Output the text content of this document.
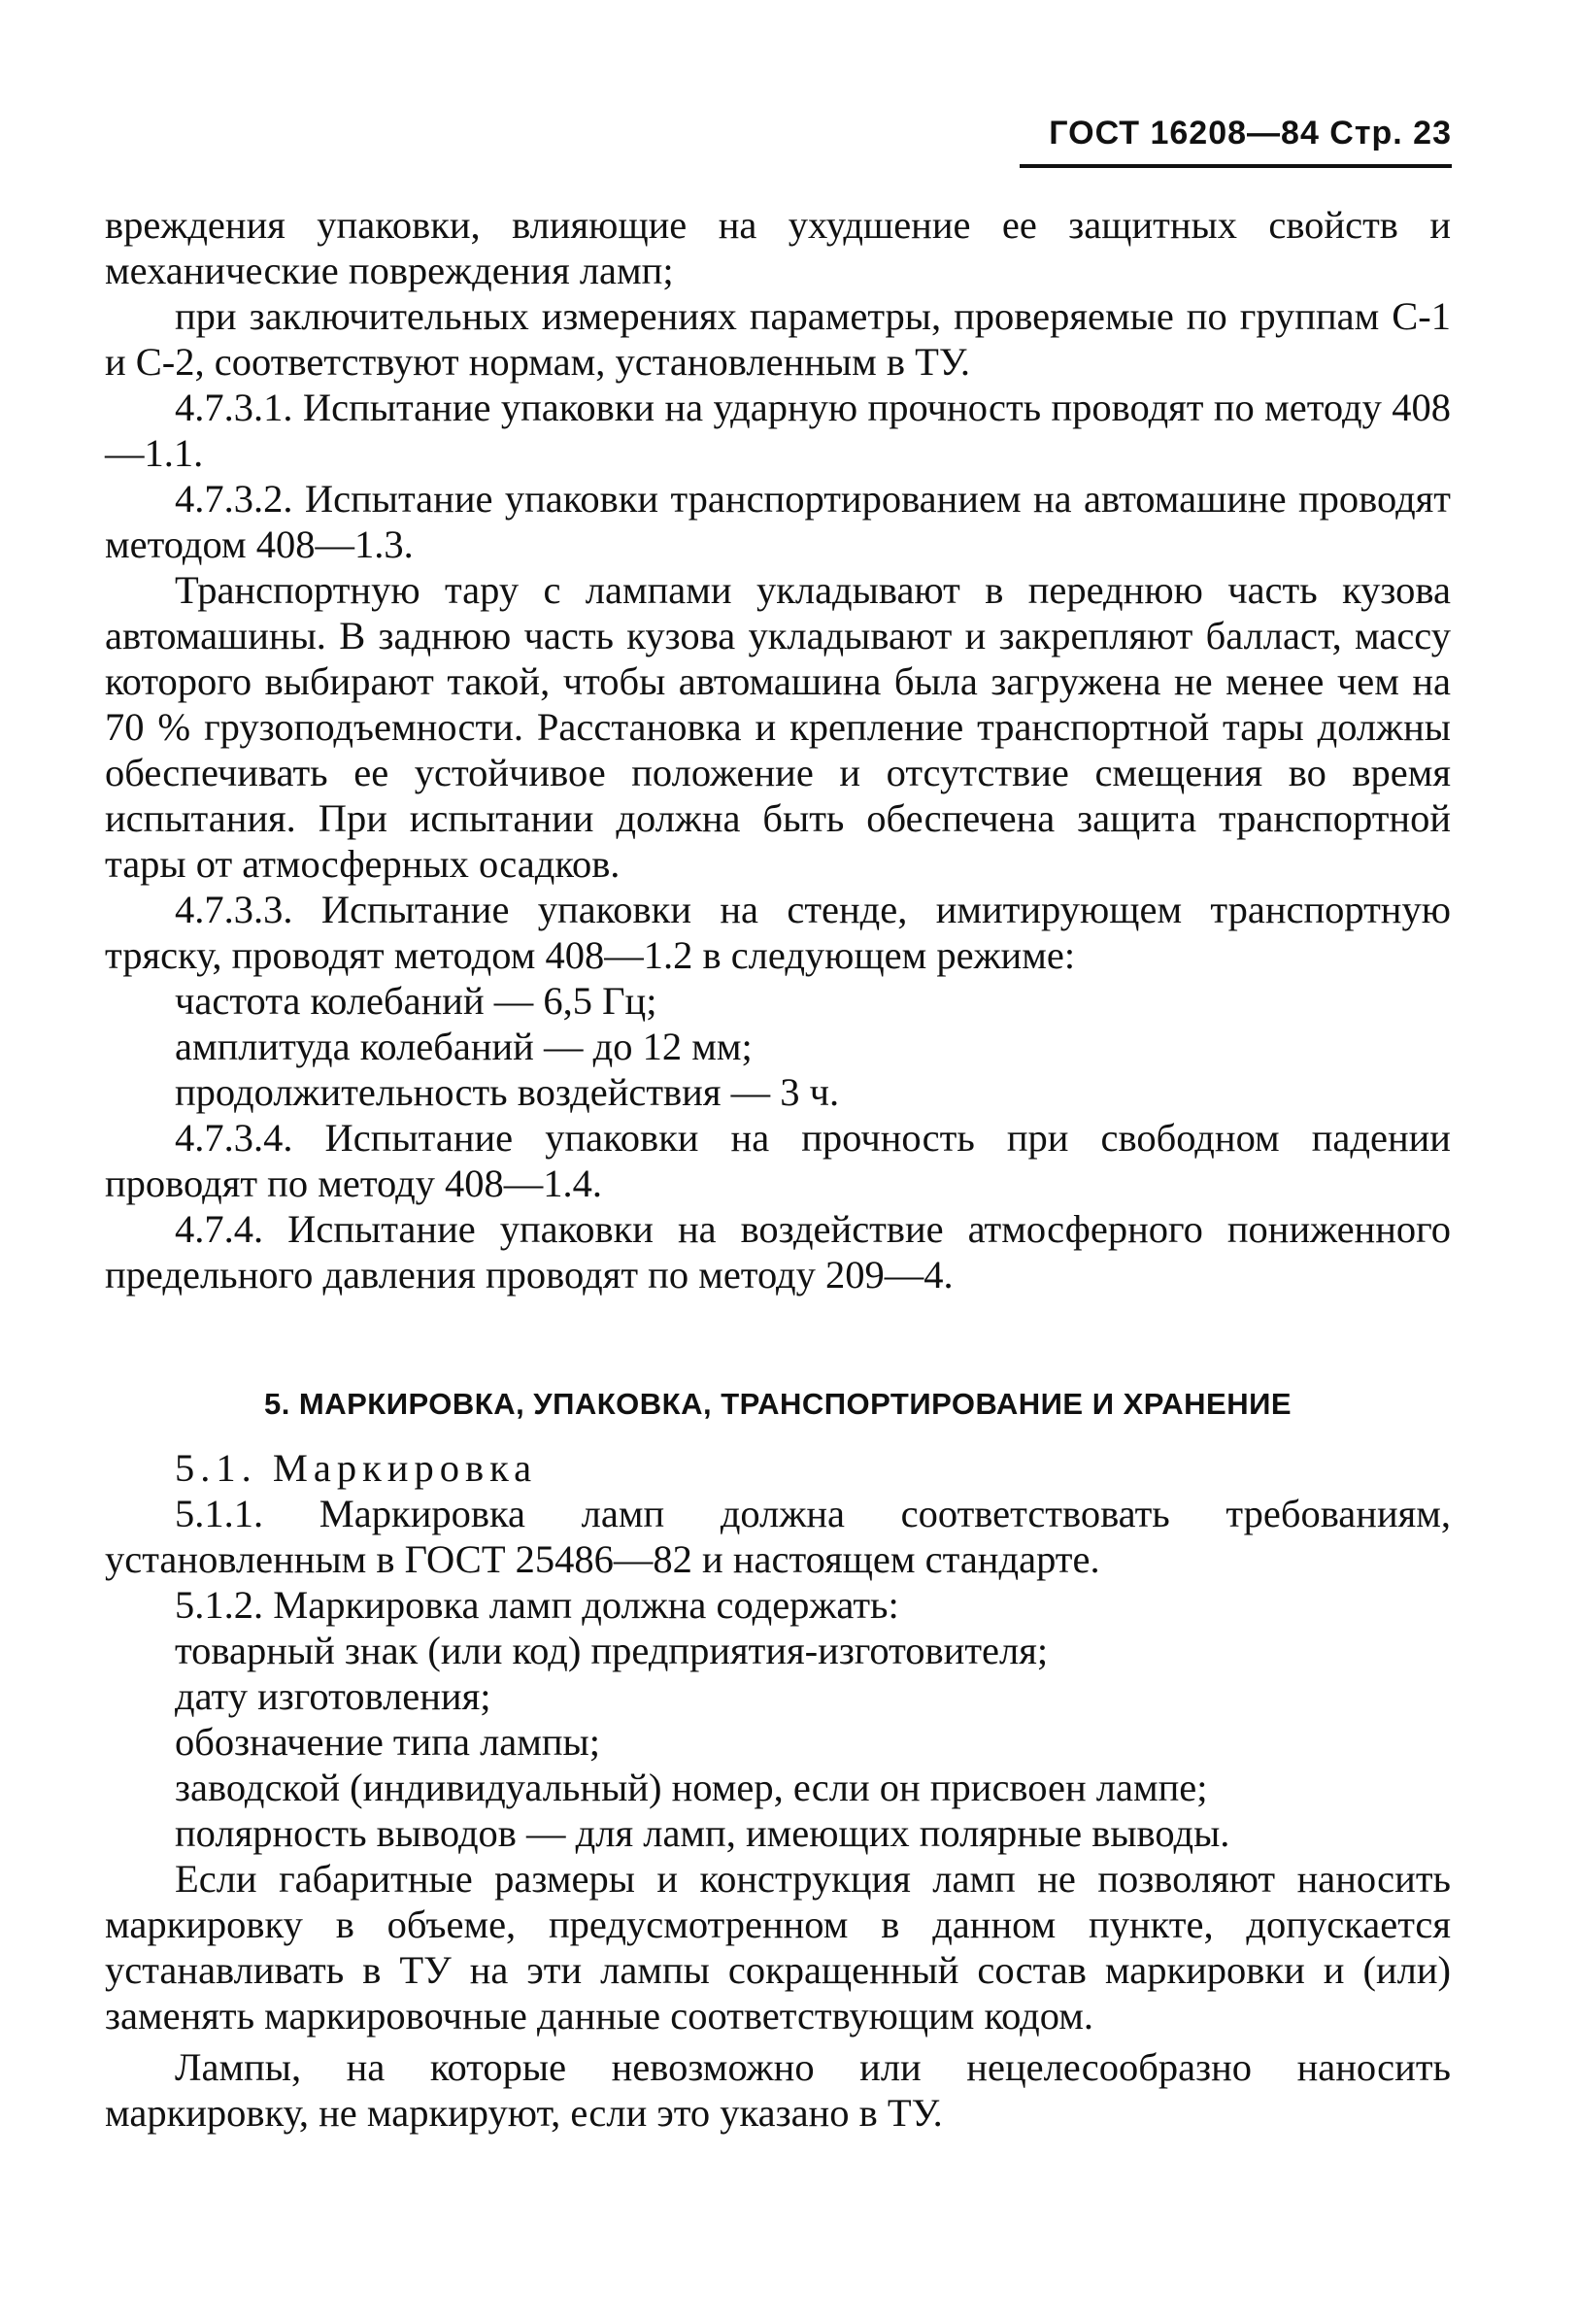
ГОСТ 16208—84 Стр. 23

вреждения упаковки, влияющие на ухудшение ее защитных свойств и механические повреждения ламп;

при заключительных измерениях параметры, проверяемые по группам С-1 и С-2, соответствуют нормам, установленным в ТУ.

4.7.3.1. Испытание упаковки на ударную прочность проводят по методу 408—1.1.

4.7.3.2. Испытание упаковки транспортированием на автомашине проводят методом 408—1.3.

Транспортную тару с лампами укладывают в переднюю часть кузова автомашины. В заднюю часть кузова укладывают и закрепляют балласт, массу которого выбирают такой, чтобы автомашина была загружена не менее чем на 70 % грузоподъемности. Расстановка и крепление транспортной тары должны обеспечивать ее устойчивое положение и отсутствие смещения во время испытания. При испытании должна быть обеспечена защита транспортной тары от атмосферных осадков.

4.7.3.3. Испытание упаковки на стенде, имитирующем транспортную тряску, проводят методом 408—1.2 в следующем режиме:

частота колебаний — 6,5 Гц;

амплитуда колебаний — до 12 мм;

продолжительность воздействия — 3 ч.

4.7.3.4. Испытание упаковки на прочность при свободном падении проводят по методу 408—1.4.

4.7.4. Испытание упаковки на воздействие атмосферного пониженного предельного давления проводят по методу 209—4.

5. МАРКИРОВКА, УПАКОВКА, ТРАНСПОРТИРОВАНИЕ И ХРАНЕНИЕ

5.1. Маркировка

5.1.1. Маркировка ламп должна соответствовать требованиям, установленным в ГОСТ 25486—82 и настоящем стандарте.

5.1.2. Маркировка ламп должна содержать:

товарный знак (или код) предприятия-изготовителя;

дату изготовления;

обозначение типа лампы;

заводской (индивидуальный) номер, если он присвоен лампе;

полярность выводов — для ламп, имеющих полярные выводы.

Если габаритные размеры и конструкция ламп не позволяют наносить маркировку в объеме, предусмотренном в данном пункте, допускается устанавливать в ТУ на эти лампы сокращенный состав маркировки и (или) заменять маркировочные данные соответствующим кодом.

Лампы, на которые невозможно или нецелесообразно наносить маркировку, не маркируют, если это указано в ТУ.
